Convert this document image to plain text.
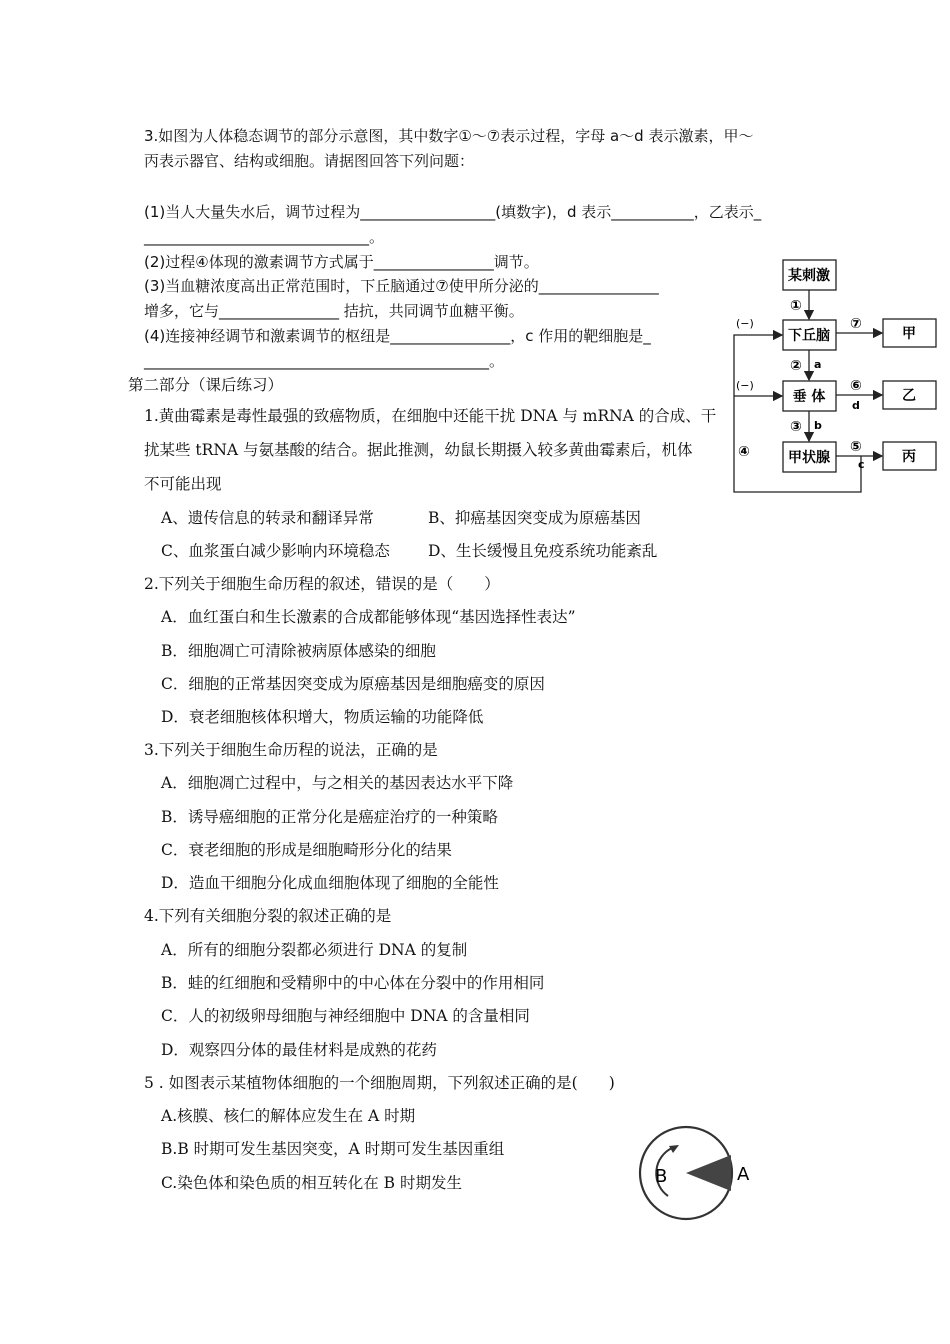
3.如图为人体稳态调节的部分示意图，其中数字①～⑦表示过程，字母 a～d 表示激素，甲～
丙表示器官、结构或细胞。请据图回答下列问题：
(1)当人大量失水后，调节过程为__________________(填数字)，d 表示___________，乙表示_
______________________________。
(2)过程④体现的激素调节方式属于________________调节。
(3)当血糖浓度高出正常范围时，下丘脑通过⑦使甲所分泌的________________
增多，它与________________ 拮抗，共同调节血糖平衡。
(4)连接神经调节和激素调节的枢纽是________________，c 作用的靶细胞是_
______________________________________________。
某刺激
下丘脑
垂 体
甲状腺
甲
乙
丙
①
②
③
④	⑤
⑥
⑦
a
b
c
d
(−)
(−)
第二部分（课后练习）
1.黄曲霉素是毒性最强的致癌物质，在细胞中还能干扰 DNA 与 mRNA 的合成、干
扰某些 tRNA 与氨基酸的结合。据此推测，幼鼠长期摄入较多黄曲霉素后，机体
不可能出现
A、遗传信息的转录和翻译异常	B、抑癌基因突变成为原癌基因
C、血浆蛋白减少影响内环境稳态 D、生长缓慢且免疫系统功能紊乱
2.下列关于细胞生命历程的叙述，错误的是（　　）
A．血红蛋白和生长激素的合成都能够体现“基因选择性表达”
B．细胞凋亡可清除被病原体感染的细胞
C．细胞的正常基因突变成为原癌基因是细胞癌变的原因
D．衰老细胞核体积增大，物质运输的功能降低
3.下列关于细胞生命历程的说法，正确的是
A．细胞凋亡过程中，与之相关的基因表达水平下降
B．诱导癌细胞的正常分化是癌症治疗的一种策略
C．衰老细胞的形成是细胞畸形分化的结果
D．造血干细胞分化成血细胞体现了细胞的全能性
4.下列有关细胞分裂的叙述正确的是
A．所有的细胞分裂都必须进行 DNA 的复制
B．蛙的红细胞和受精卵中的中心体在分裂中的作用相同
C．人的初级卵母细胞与神经细胞中 DNA 的含量相同
D．观察四分体的最佳材料是成熟的花药
5 . 如图表示某植物体细胞的一个细胞周期，下列叙述正确的是(　　)
A.核膜、核仁的解体应发生在 A 时期
B.B 时期可发生基因突变，A 时期可发生基因重组
C.染色体和染色质的相互转化在 B 时期发生	B	A
